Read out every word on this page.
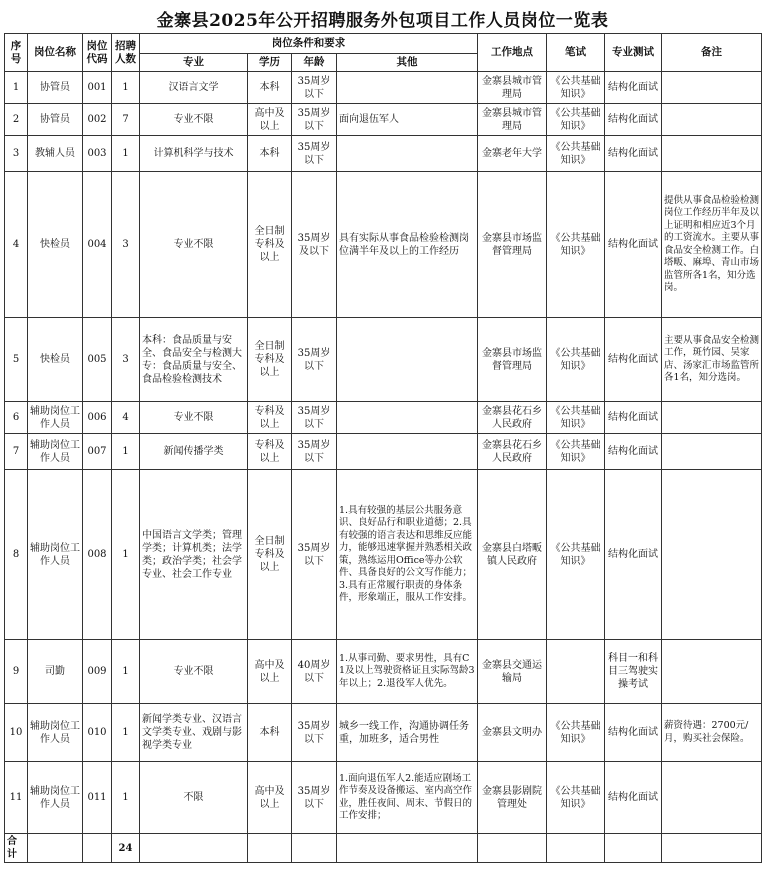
金寨县2025年公开招聘服务外包项目工作人员岗位一览表
序号	岗位名称	岗位代码	招聘人数	岗位条件和要求				工作地点	笔试	专业测试	备注
				专业	学历	年龄	其他				
1	协管员	001	1	汉语言文学	本科	35周岁以下		金寨县城市管理局	《公共基础知识》	结构化面试	
2	协管员	002	7	专业不限	高中及以上	35周岁以下	面向退伍军人	金寨县城市管理局	《公共基础知识》	结构化面试	
3	教辅人员	003	1	计算机科学与技术	本科	35周岁以下		金寨老年大学	《公共基础知识》	结构化面试	
4	快检员	004	3	专业不限	全日制专科及以上	35周岁及以下	具有实际从事食品检验检测岗位满半年及以上的工作经历	金寨县市场监督管理局	《公共基础知识》	结构化面试	提供从事食品检验检测岗位工作经历半年及以上证明和相应近3个月的工资流水。主要从事食品安全检测工作。白塔畈、麻埠、青山市场监管所各1名，知分选岗。
5	快检员	005	3	本科：食品质量与安全、食品安全与检测大专：食品质量与安全、食品检验检测技术	全日制专科及以上	35周岁以下		金寨县市场监督管理局	《公共基础知识》	结构化面试	主要从事食品安全检测工作，斑竹园、吴家店、汤家汇市场监管所各1名，知分选岗。
6	辅助岗位工作人员	006	4	专业不限	专科及以上	35周岁以下		金寨县花石乡人民政府	《公共基础知识》	结构化面试	
7	辅助岗位工作人员	007	1	新闻传播学类	专科及以上	35周岁以下		金寨县花石乡人民政府	《公共基础知识》	结构化面试	
8	辅助岗位工作人员	008	1	中国语言文学类；管理学类；计算机类；法学类；政治学类；社会学专业、社会工作专业	全日制专科及以上	35周岁以下	1.具有较强的基层公共服务意识、良好品行和职业道德；2.具有较强的语言表达和思维反应能力，能够迅速掌握并熟悉相关政策，熟练运用Office等办公软件、具备良好的公文写作能力；3.具有正常履行职责的身体条件，形象端正，服从工作安排。	金寨县白塔畈镇人民政府	《公共基础知识》	结构化面试	
9	司勤	009	1	专业不限	高中及以上	40周岁以下	1.从事司勤、要求男性，具有C1及以上驾驶资格证且实际驾龄3年以上；2.退役军人优先。	金寨县交通运输局		科目一和科目三驾驶实操考试	
10	辅助岗位工作人员	010	1	新闻学类专业、汉语言文学类专业、戏剧与影视学类专业	本科	35周岁以下	城乡一线工作，沟通协调任务重，加班多，适合男性	金寨县文明办	《公共基础知识》	结构化面试	薪资待遇：2700元/月，购买社会保险。
11	辅助岗位工作人员	011	1	不限	高中及以上	35周岁以下	1.面向退伍军人2.能适应剧场工作节奏及设备搬运、室内高空作业，胜任夜间、周末、节假日的工作安排；	金寨县影剧院管理处	《公共基础知识》	结构化面试	
合计			24								
